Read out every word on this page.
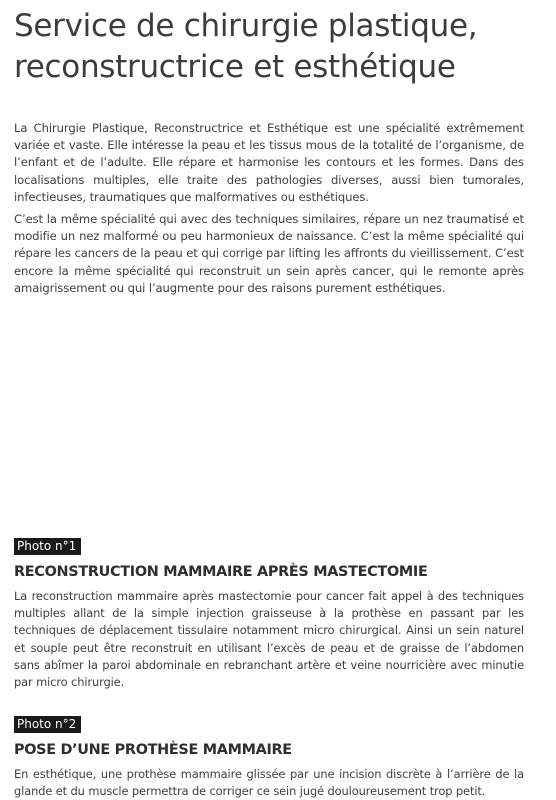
Service de chirurgie plastique,
reconstructrice et esthétique

La Chirurgie Plastique, Reconstructrice et Esthétique est une spécialité extrêmement variée et vaste. Elle intéresse la peau et les tissus mous de la totalité de l’organisme, de l’enfant et de l’adulte. Elle répare et harmonise les contours et les formes. Dans des localisations multiples, elle traite des pathologies diverses, aussi bien tumorales, infectieuses, traumatiques que malformatives ou esthétiques.

C’est la même spécialité qui avec des techniques similaires, répare un nez traumatisé et modifie un nez malformé ou peu harmonieux de naissance. C’est la même spécialité qui répare les cancers de la peau et qui corrige par lifting les affronts du vieillissement. C’est encore la même spécialité qui reconstruit un sein après cancer, qui le remonte après amaigrissement ou qui l’augmente pour des raisons purement esthétiques.

Photo n°1
RECONSTRUCTION MAMMAIRE APRÈS MASTECTOMIE

La reconstruction mammaire après mastectomie pour cancer fait appel à des techniques multiples allant de la simple injection graisseuse à la prothèse en passant par les techniques de déplacement tissulaire notamment micro chirurgical. Ainsi un sein naturel et souple peut être reconstruit en utilisant l’excès de peau et de graisse de l’abdomen sans abîmer la paroi abdominale en rebranchant artère et veine nourricière avec minutie par micro chirurgie.

Photo n°2
POSE D’UNE PROTHÈSE MAMMAIRE

En esthétique, une prothèse mammaire glissée par une incision discrète à l’arrière de la glande et du muscle permettra de corriger ce sein jugé douloureusement trop petit.
